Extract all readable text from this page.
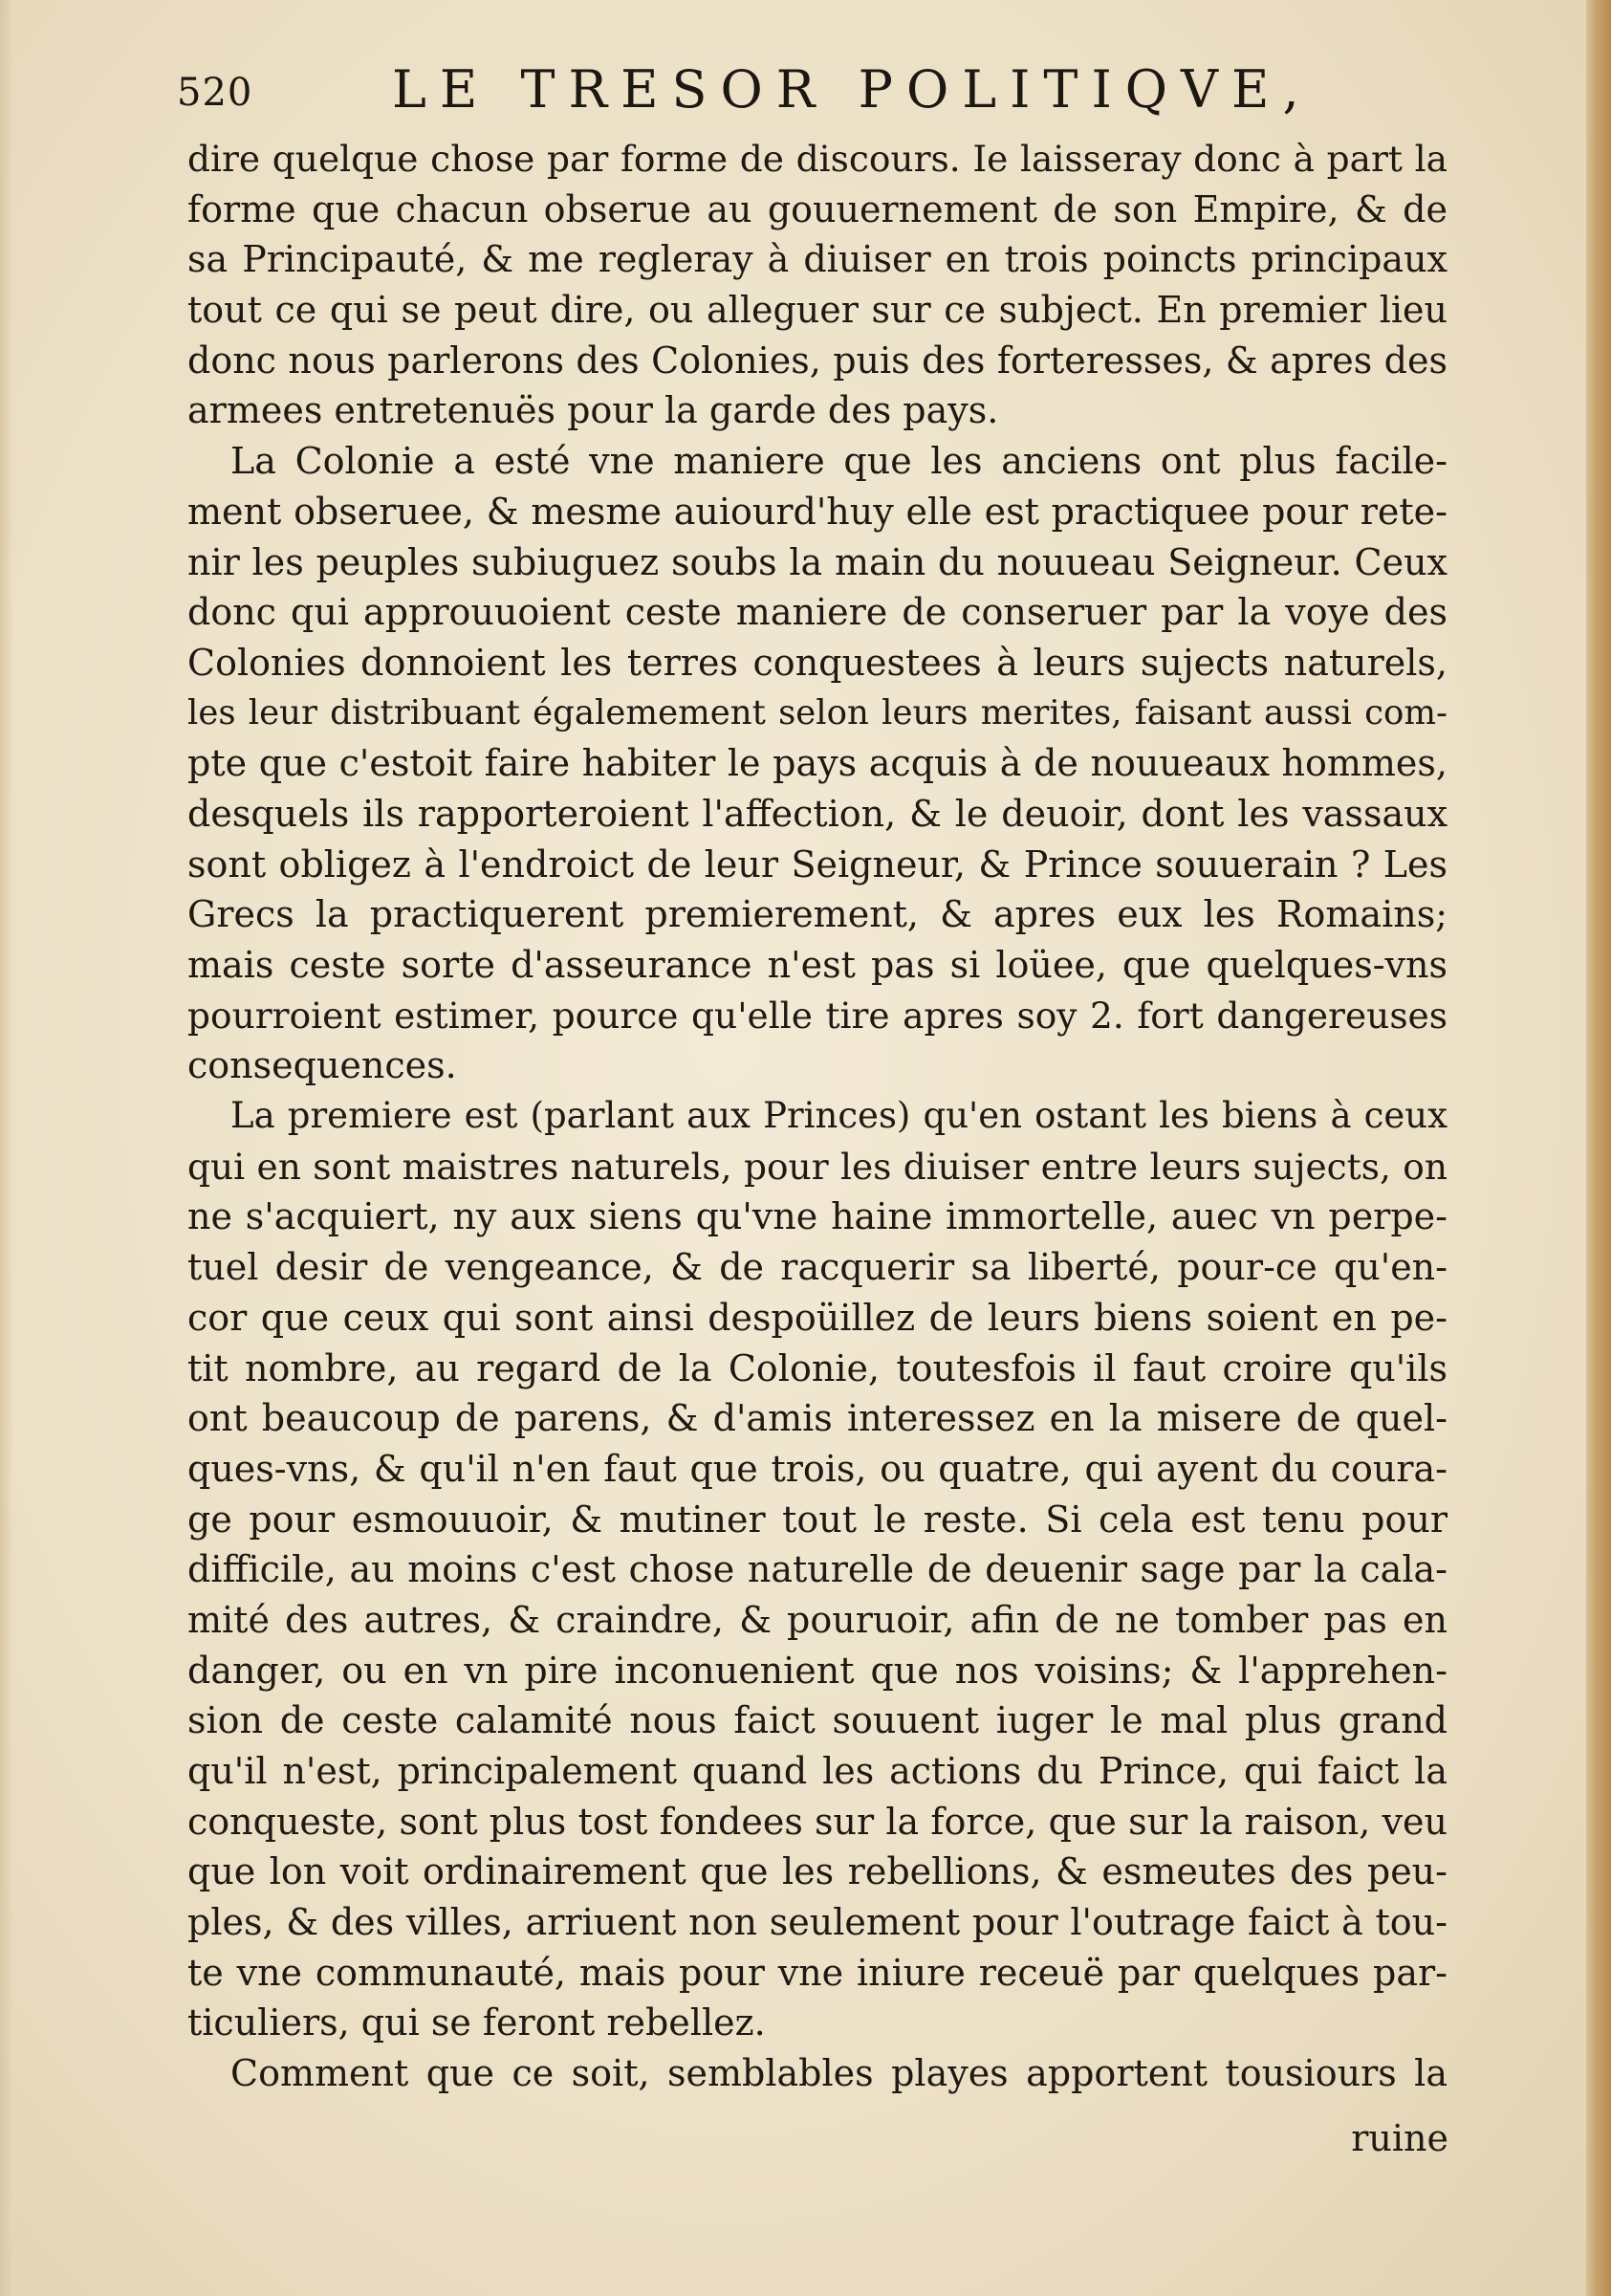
520	LE TRESOR POLITIQVE,
dire quelque chose par forme de discours. Ie laisseray donc à part la
forme que chacun obserue au gouuernement de son Empire, & de
sa Principauté, & me regleray à diuiser en trois poincts principaux
tout ce qui se peut dire, ou alleguer sur ce subject. En premier lieu
donc nous parlerons des Colonies, puis des forteresses, & apres des
armees entretenuës pour la garde des pays.
La Colonie a esté vne maniere que les anciens ont plus facile-
ment obseruee, & mesme auiourd'huy elle est practiquee pour rete-
nir les peuples subiuguez soubs la main du nouueau Seigneur. Ceux
donc qui approuuoient ceste maniere de conseruer par la voye des
Colonies donnoient les terres conquestees à leurs sujects naturels,
les leur distribuant égalemement selon leurs merites, faisant aussi com-
pte que c'estoit faire habiter le pays acquis à de nouueaux hommes,
desquels ils rapporteroient l'affection, & le deuoir, dont les vassaux
sont obligez à l'endroict de leur Seigneur, & Prince souuerain ? Les
Grecs la practiquerent premierement, & apres eux les Romains;
mais ceste sorte d'asseurance n'est pas si loüee, que quelques-vns
pourroient estimer, pource qu'elle tire apres soy 2. fort dangereuses
consequences.
La premiere est (parlant aux Princes) qu'en ostant les biens à ceux
qui en sont maistres naturels, pour les diuiser entre leurs sujects, on
ne s'acquiert, ny aux siens qu'vne haine immortelle, auec vn perpe-
tuel desir de vengeance, & de racquerir sa liberté, pour-ce qu'en-
cor que ceux qui sont ainsi despoüillez de leurs biens soient en pe-
tit nombre, au regard de la Colonie, toutesfois il faut croire qu'ils
ont beaucoup de parens, & d'amis interessez en la misere de quel-
ques-vns, & qu'il n'en faut que trois, ou quatre, qui ayent du coura-
ge pour esmouuoir, & mutiner tout le reste. Si cela est tenu pour
difficile, au moins c'est chose naturelle de deuenir sage par la cala-
mité des autres, & craindre, & pouruoir, afin de ne tomber pas en
danger, ou en vn pire inconuenient que nos voisins; & l'apprehen-
sion de ceste calamité nous faict souuent iuger le mal plus grand
qu'il n'est, principalement quand les actions du Prince, qui faict la
conqueste, sont plus tost fondees sur la force, que sur la raison, veu
que lon voit ordinairement que les rebellions, & esmeutes des peu-
ples, & des villes, arriuent non seulement pour l'outrage faict à tou-
te vne communauté, mais pour vne iniure receuë par quelques par-
ticuliers, qui se feront rebellez.
Comment que ce soit, semblables playes apportent tousiours la
ruine
